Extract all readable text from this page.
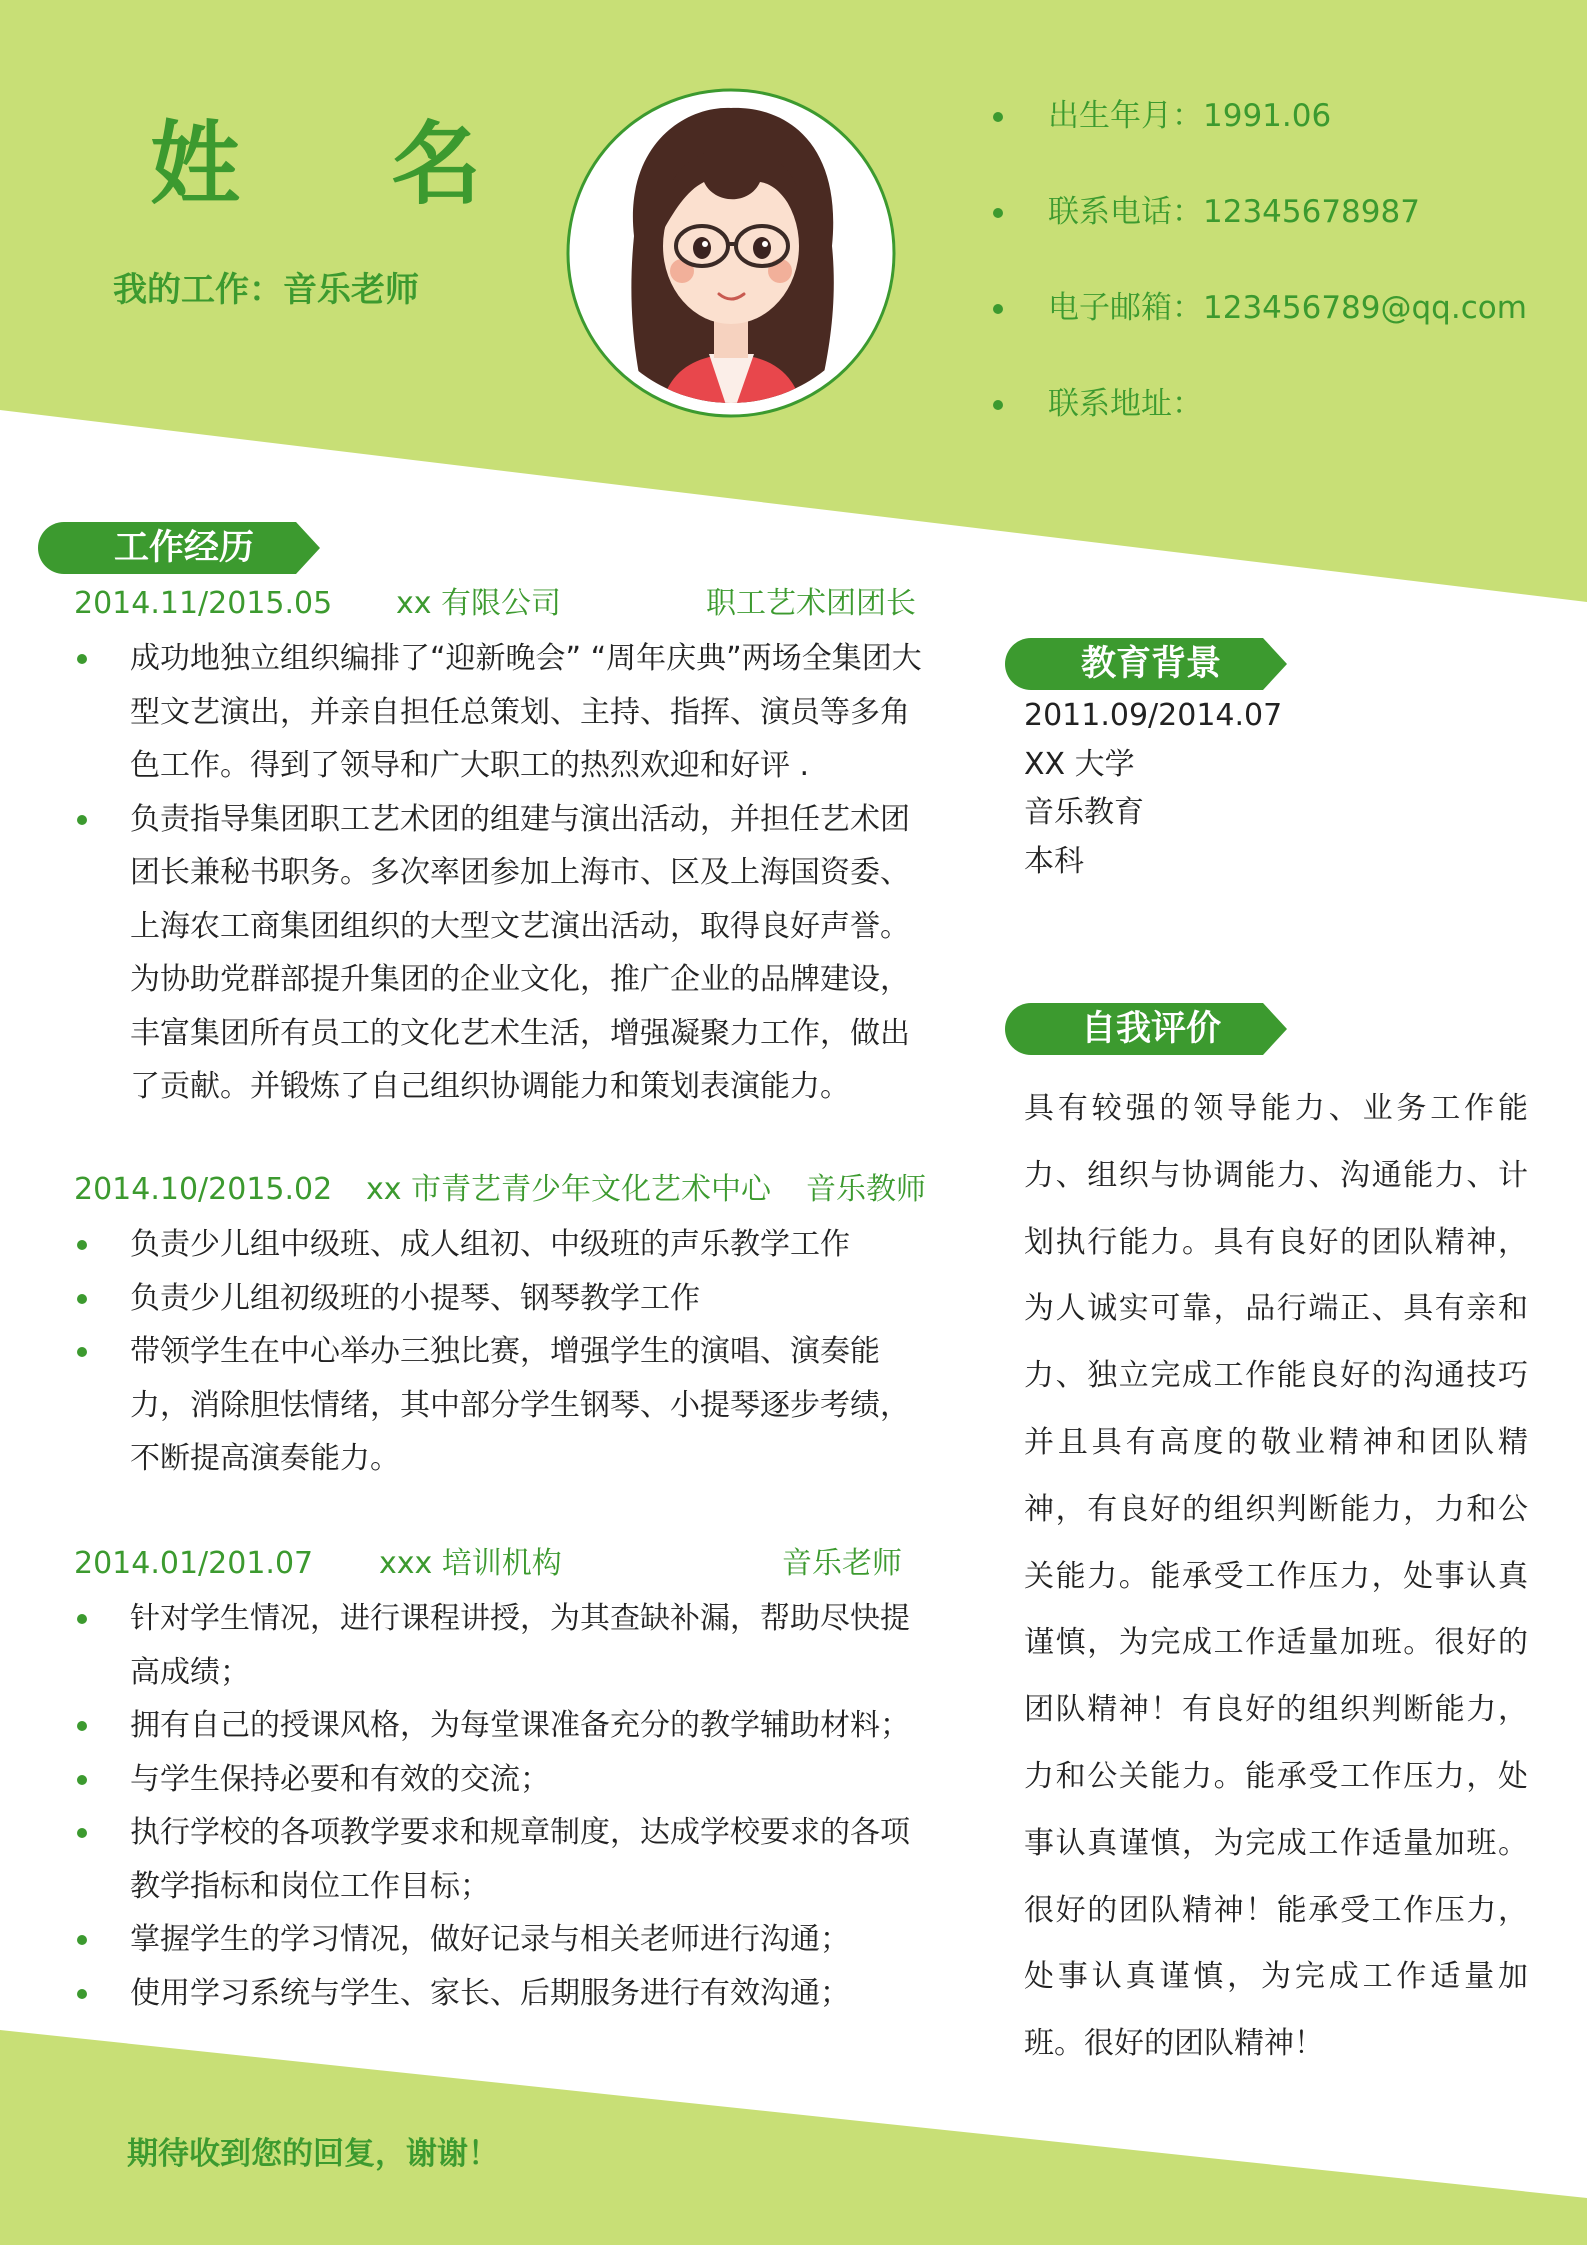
姓 名
我的工作：音乐老师
出生年月：1991.06
联系电话：12345678987
电子邮箱：123456789@qq.com
联系地址：
工作经历
2014.11/2015.05 xx 有限公司	职工艺术团团长
成功地独立组织编排了“迎新晚会” “周年庆典”两场全集团大型文艺演出，并亲自担任总策划、主持、指挥、演员等多角色工作。得到了领导和广大职工的热烈欢迎和好评 .
负责指导集团职工艺术团的组建与演出活动，并担任艺术团团长兼秘书职务。多次率团参加上海市、区及上海国资委、上海农工商集团组织的大型文艺演出活动，取得良好声誉。为协助党群部提升集团的企业文化，推广企业的品牌建设，丰富集团所有员工的文化艺术生活，增强凝聚力工作，做出了贡献。并锻炼了自己组织协调能力和策划表演能力。
2014.10/2015.02 xx 市青艺青少年文化艺术中心 音乐教师
负责少儿组中级班、成人组初、中级班的声乐教学工作
负责少儿组初级班的小提琴、钢琴教学工作
带领学生在中心举办三独比赛，增强学生的演唱、演奏能力，消除胆怯情绪，其中部分学生钢琴、小提琴逐步考绩，不断提高演奏能力。
2014.01/201.07 xxx 培训机构	音乐老师
针对学生情况，进行课程讲授，为其查缺补漏，帮助尽快提高成绩；
拥有自己的授课风格，为每堂课准备充分的教学辅助材料；
与学生保持必要和有效的交流；
执行学校的各项教学要求和规章制度，达成学校要求的各项教学指标和岗位工作目标；
掌握学生的学习情况，做好记录与相关老师进行沟通；
使用学习系统与学生、家长、后期服务进行有效沟通；
教育背景
2011.09/2014.07
XX 大学
音乐教育
本科
自我评价

具有较强的领导能力、业务工作能力、组织与协调能力、沟通能力、计划执行能力。具有良好的团队精神，为人诚实可靠，品行端正、具有亲和力、独立完成工作能良好的沟通技巧并且具有高度的敬业精神和团队精神，有良好的组织判断能力，力和公关能力。能承受工作压力，处事认真谨慎，为完成工作适量加班。很好的团队精神！有良好的组织判断能力，力和公关能力。能承受工作压力，处事认真谨慎，为完成工作适量加班。很好的团队精神！能承受工作压力，处事认真谨慎，为完成工作适量加班。很好的团队精神！

期待收到您的回复，谢谢！
